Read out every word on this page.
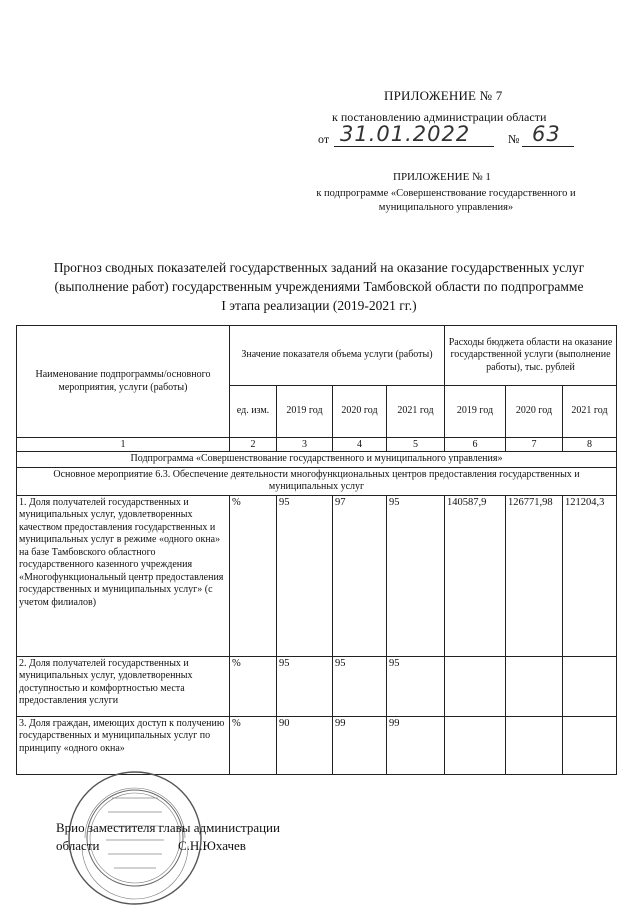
ПРИЛОЖЕНИЕ № 7
к постановлению администрации области
от 31.01.2022	№ 63
ПРИЛОЖЕНИЕ № 1
к подпрограмме «Совершенствование государственного и
муниципального управления»
Прогноз сводных показателей государственных заданий на оказание государственных услуг
(выполнение работ) государственным учреждениями Тамбовской области по подпрограмме
I этапа реализации (2019-2021 гг.)
Наименование подпрограммы/основного мероприятия, услуги (работы)	Значение показателя объема услуги (работы)				Расходы бюджета области на оказание государственной услуги (выполнение работы), тыс. рублей		
	ед. изм.	2019 год	2020 год	2021 год	2019 год	2020 год	2021 год
1	2	3	4	5	6	7	8
Подпрограмма «Совершенствование государственного и муниципального управления»							
Основное мероприятие 6.3. Обеспечение деятельности многофункциональных центров предоставления государственных и муниципальных услуг							
1. Доля получателей государственных и муниципальных услуг, удовлетворенных качеством предоставления государственных и муниципальных услуг в режиме «одного окна» на базе Тамбовского областного государственного казенного учреждения «Многофункциональный центр предоставления государственных и муниципальных услуг» (с учетом филиалов)	%	95	97	95	140587,9	126771,98	121204,3
2. Доля получателей государственных и муниципальных услуг, удовлетворенных доступностью и комфортностью места предоставления услуги	%	95	95	95			
3. Доля граждан, имеющих доступ к получению государственных и муниципальных услуг по принципу «одного окна»	%	90	99	99			
Врио заместителя главы администрации
области	С.Н.Юхачев
